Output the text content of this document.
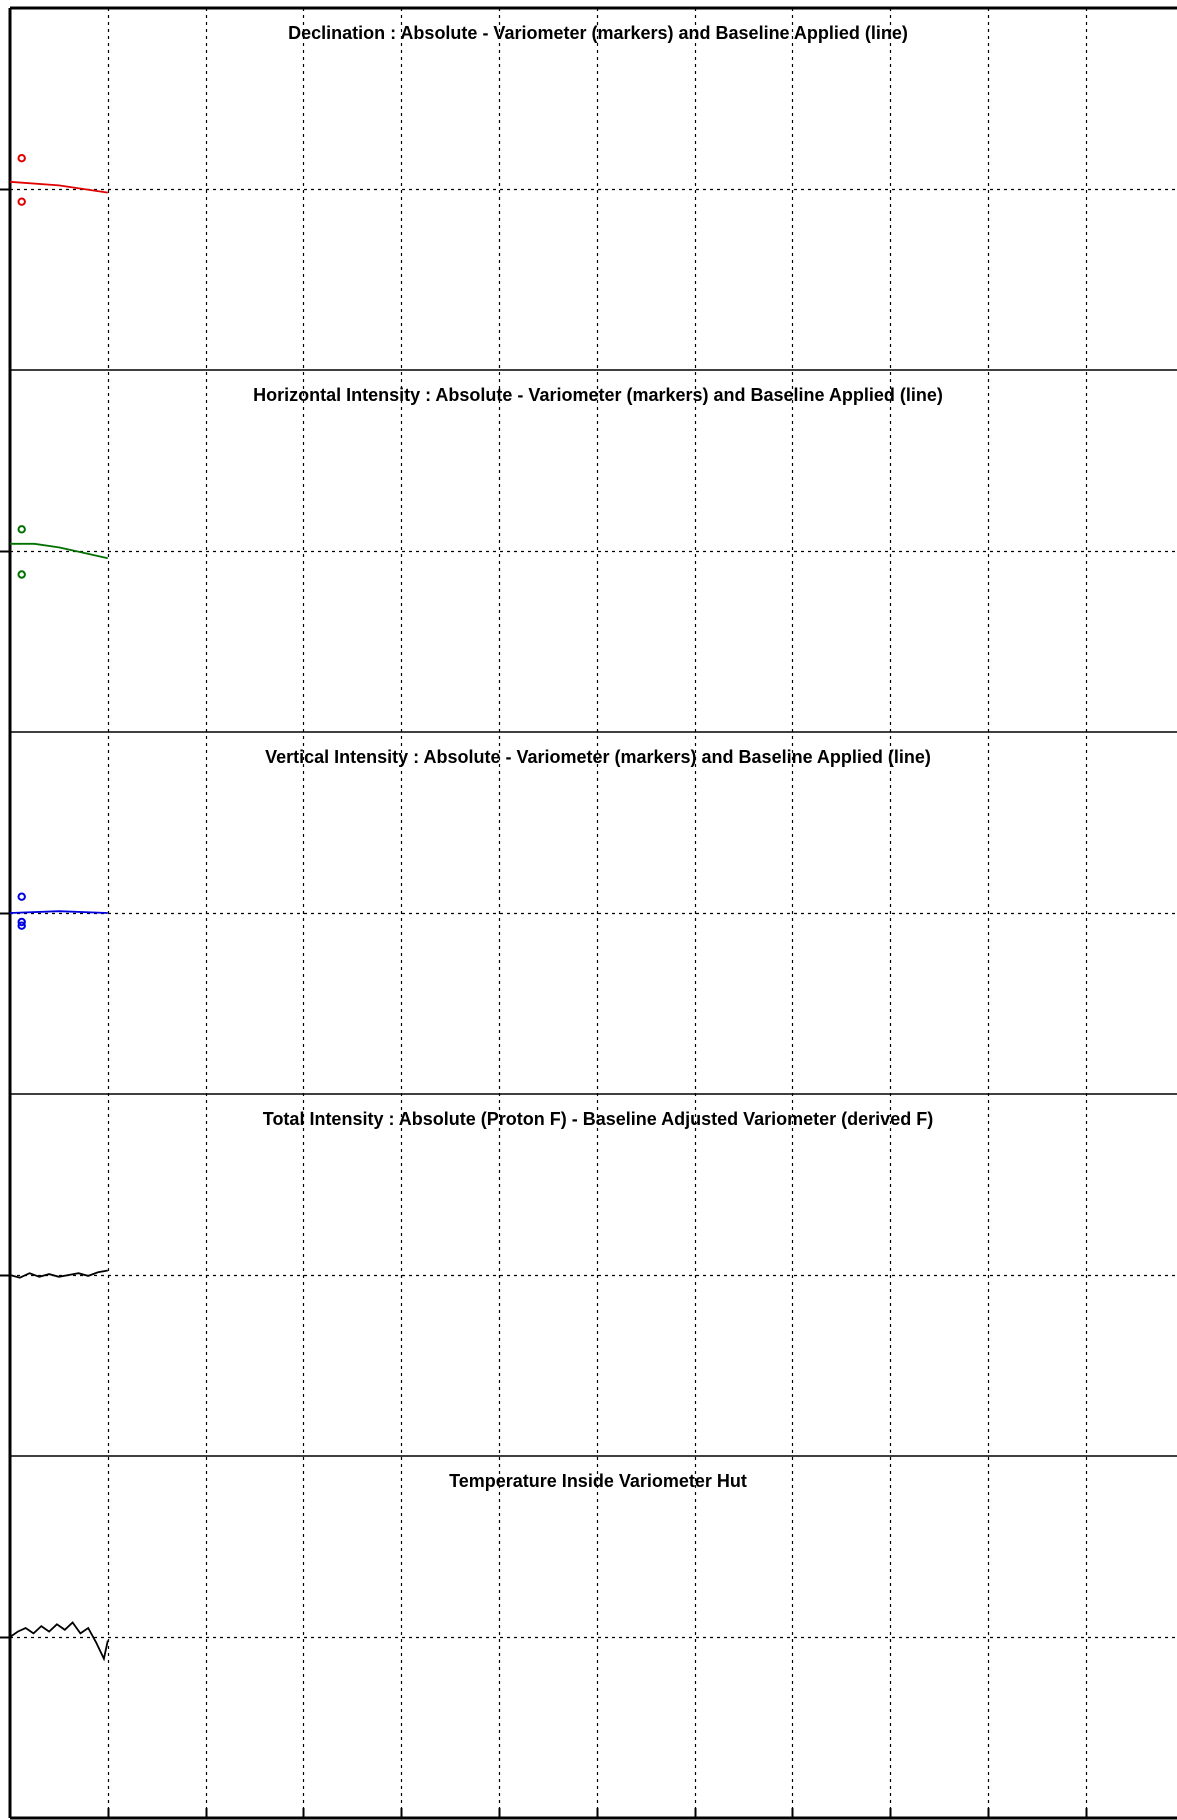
Declination : Absolute - Variometer (markers) and Baseline Applied (line)
Horizontal Intensity : Absolute - Variometer (markers) and Baseline Applied (line)
Vertical Intensity : Absolute - Variometer (markers) and Baseline Applied (line)
Total Intensity : Absolute (Proton F) - Baseline Adjusted Variometer (derived F)
Temperature Inside Variometer Hut
